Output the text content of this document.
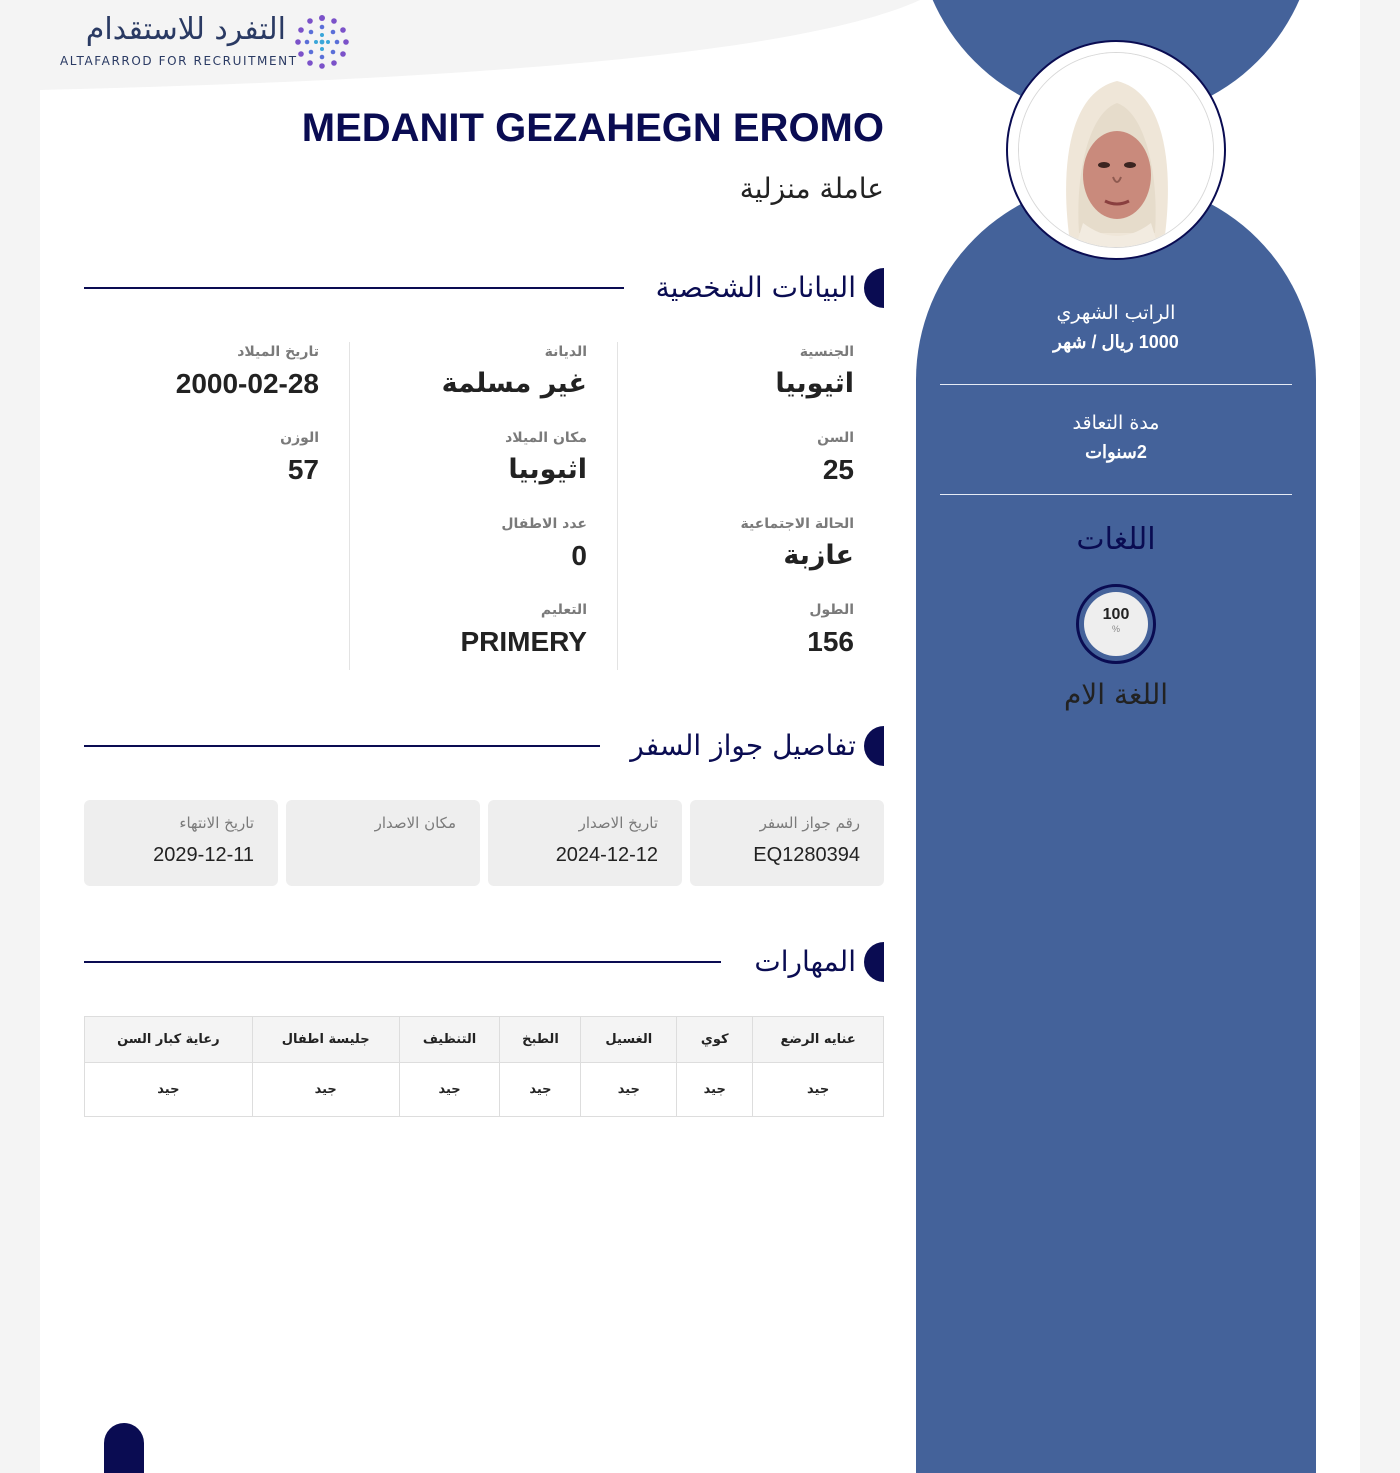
التفرد للاستقدام
ALTAFARROD FOR RECRUITMENT
الراتب الشهري
1000 ريال / شهر
مدة التعاقد
2سنوات
اللغات
100
%
اللغة الام
MEDANIT GEZAHEGN EROMO
عاملة منزلية
البيانات الشخصية
الجنسية
اثيوبيا
السن
25
الحالة الاجتماعية
عازبة
الطول
156
الديانة
غير مسلمة
مكان الميلاد
اثيوبيا
عدد الاطفال
0
التعليم
PRIMERY
تاريخ الميلاد
2000-02-28
الوزن
57
تفاصيل جواز السفر
رقم جواز السفر
EQ1280394
تاريخ الاصدار
2024-12-12
مكان الاصدار
تاريخ الانتهاء
2029-12-11
المهارات
عنايه الرضع	كوي	الغسيل	الطبخ	التنظيف	جليسة اطفال	رعاية كبار السن
جيد	جيد	جيد	جيد	جيد	جيد	جيد
